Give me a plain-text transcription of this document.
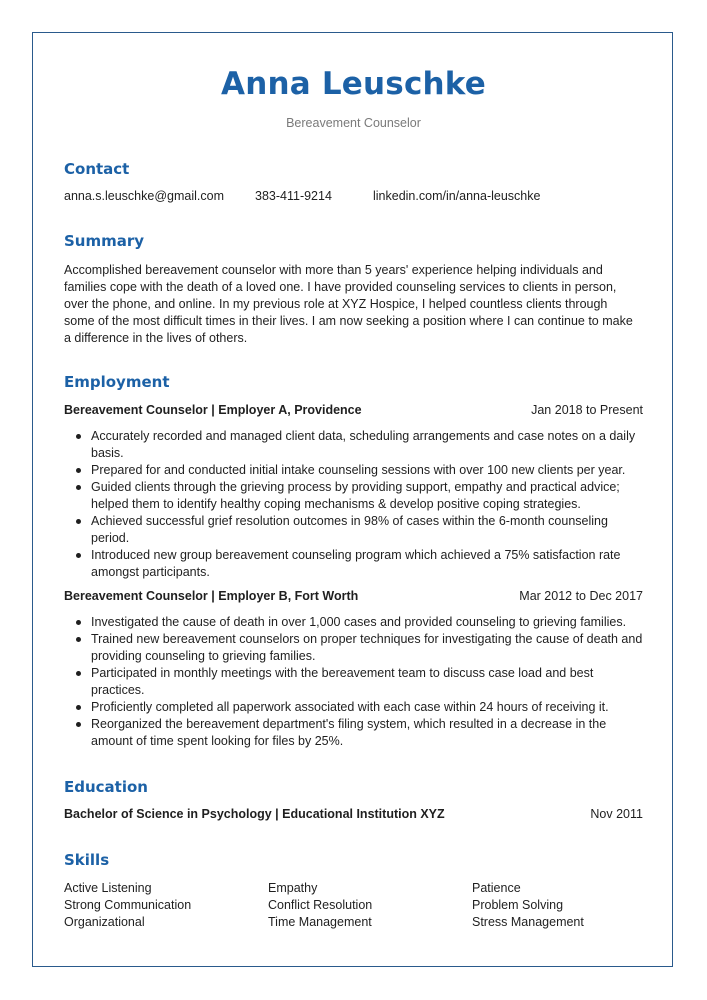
Anna Leuschke
Bereavement Counselor
Contact
anna.s.leuschke@gmail.com 383-411-9214	linkedin.com/in/anna-leuschke
Summary

Accomplished bereavement counselor with more than 5 years' experience helping individuals and families cope with the death of a loved one. I have provided counseling services to clients in person, over the phone, and online. In my previous role at XYZ Hospice, I helped countless clients through some of the most difficult times in their lives. I am now seeking a position where I can continue to make a difference in the lives of others.

Employment
Bereavement Counselor | Employer A, Providence	Jan 2018 to Present
Accurately recorded and managed client data, scheduling arrangements and case notes on a daily basis.
Prepared for and conducted initial intake counseling sessions with over 100 new clients per year.
Guided clients through the grieving process by providing support, empathy and practical advice; helped them to identify healthy coping mechanisms & develop positive coping strategies.
Achieved successful grief resolution outcomes in 98% of cases within the 6-month counseling period.
Introduced new group bereavement counseling program which achieved a 75% satisfaction rate amongst participants.
Bereavement Counselor | Employer B, Fort Worth	Mar 2012 to Dec 2017
Investigated the cause of death in over 1,000 cases and provided counseling to grieving families.
Trained new bereavement counselors on proper techniques for investigating the cause of death and providing counseling to grieving families.
Participated in monthly meetings with the bereavement team to discuss case load and best practices.
Proficiently completed all paperwork associated with each case within 24 hours of receiving it.
Reorganized the bereavement department's filing system, which resulted in a decrease in the amount of time spent looking for files by 25%.
Education
Bachelor of Science in Psychology | Educational Institution XYZ	Nov 2011
Skills
Active Listening	Empathy	Patience
Strong Communication	Conflict Resolution	Problem Solving
Organizational	Time Management	Stress Management
